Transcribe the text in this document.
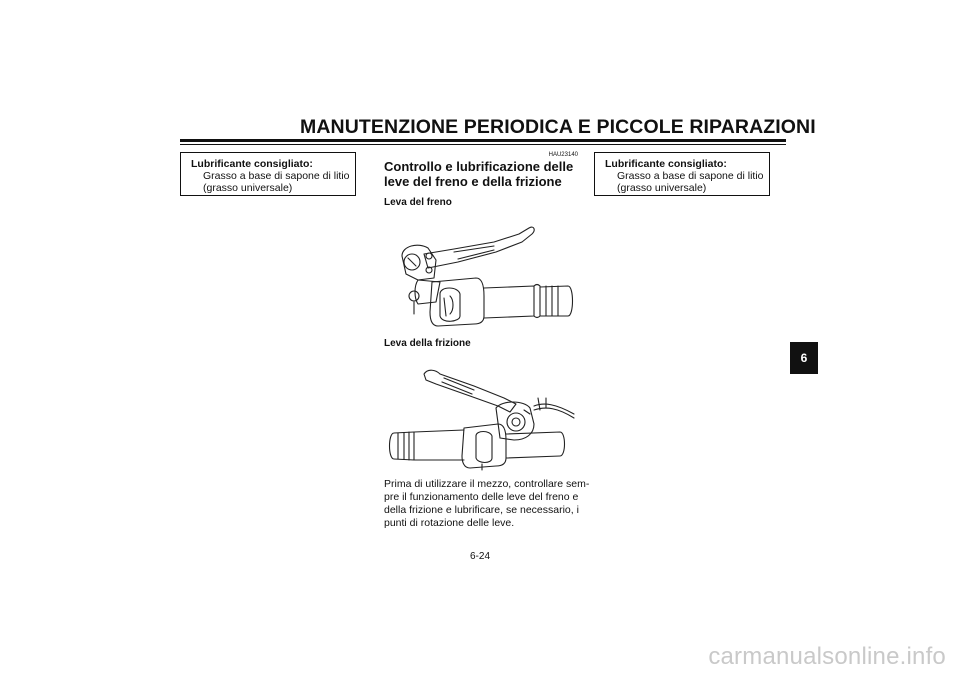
MANUTENZIONE PERIODICA E PICCOLE RIPARAZIONI
Lubrificante consigliato:
Grasso a base di sapone di litio
(grasso universale)
HAU23140
Controllo e lubrificazione delle
leve del freno e della frizione
Leva del freno
Leva della frizione
Prima di utilizzare il mezzo, controllare sem-
pre il funzionamento delle leve del freno e
della frizione e lubrificare, se necessario, i
punti di rotazione delle leve.
Lubrificante consigliato:
Grasso a base di sapone di litio
(grasso universale)
6-24
6
carmanualsonline.info
